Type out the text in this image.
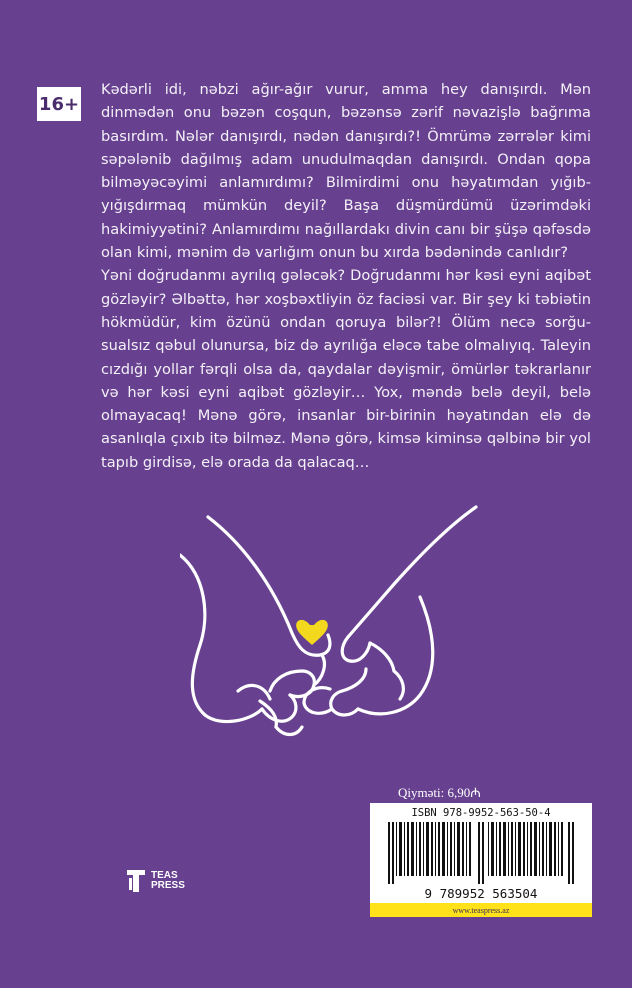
16+

Kədərli idi, nəbzi ağır-ağır vurur, amma hey danışırdı. Mən dinmədən onu bəzən coşqun, bəzənsə zərif nəvazişlə bağrıma basırdım. Nələr danışırdı, nədən danışırdı?! Ömrümə zərrələr kimi səpələnib dağılmış adam unudulmaqdan danışırdı. Ondan qopa bilməyəcəyimi anlamırdımı? Bilmirdimi onu həyatımdan yığıb-yığışdırmaq mümkün deyil? Başa düşmürdümü üzərimdəki hakimiyyətini? Anlamırdımı nağıllardakı divin canı bir şüşə qəfəsdə olan kimi, mənim də varlığım onun bu xırda bədənində canlıdır?

Yəni doğrudanmı ayrılıq gələcək? Doğrudanmı hər kəsi eyni aqibət gözləyir? Əlbəttə, hər xoşbəxtliyin öz faciəsi var. Bir şey ki təbiətin hökmüdür, kim özünü ondan qoruya bilər?! Ölüm necə sorğu-sualsız qəbul olunursa, biz də ayrılığa eləcə tabe olmalıyıq. Taleyin cızdığı yollar fərqli olsa da, qaydalar dəyişmir, ömürlər təkrarlanır və hər kəsi eyni aqibət gözləyir… Yox, məndə belə deyil, belə olmayacaq! Mənə görə, insanlar bir-birinin həyatından elə də asanlıqla çıxıb itə bilməz. Mənə görə, kimsə kiminsə qəlbinə bir yol tapıb girdisə, elə orada da qalacaq…

Qiymәti: 6,90₼
ISBN 978-9952-563-50-4
9 789952 563504
www.teaspress.az
TEAS
PRESS
